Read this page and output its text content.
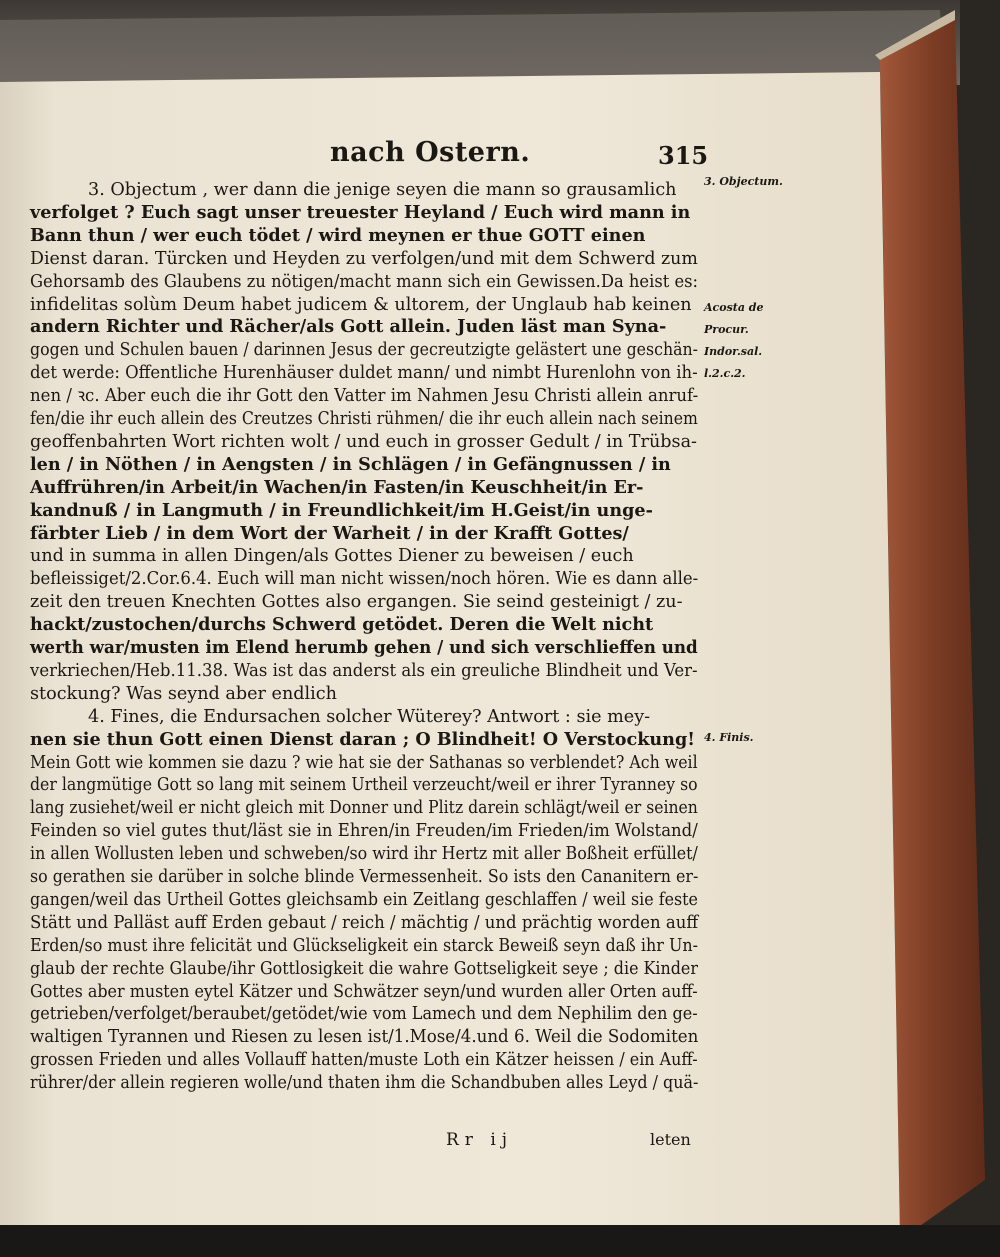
nach Ostern.	315
3. Objectum , wer dann die jenige seyen die mann so grausamlich
verfolget ? Euch sagt unser treuester Heyland / Euch wird mann in
Bann thun / wer euch tödet / wird meynen er thue GOTT einen
Dienst daran. Türcken und Heyden zu verfolgen/und mit dem Schwerd zum
Gehorsamb des Glaubens zu nötigen/macht mann sich ein Gewissen.Da heist es:
infidelitas solùm Deum habet judicem & ultorem, der Unglaub hab keinen
andern Richter und Rächer/als Gott allein. Juden läst man Syna-
gogen und Schulen bauen / darinnen Jesus der gecreutzigte gelästert une geschän-
det werde: Offentliche Hurenhäuser duldet mann/ und nimbt Hurenlohn von ih-
nen / ꝛc. Aber euch die ihr Gott den Vatter im Nahmen Jesu Christi allein anruf-
fen/die ihr euch allein des Creutzes Christi rühmen/ die ihr euch allein nach seinem
geoffenbahrten Wort richten wolt / und euch in grosser Gedult / in Trübsa-
len / in Nöthen / in Aengsten / in Schlägen / in Gefängnussen / in
Auffrühren/in Arbeit/in Wachen/in Fasten/in Keuschheit/in Er-
kandnuß / in Langmuth / in Freundlichkeit/im H.Geist/in unge-
färbter Lieb / in dem Wort der Warheit / in der Krafft Gottes/
und in summa in allen Dingen/als Gottes Diener zu beweisen / euch
befleissiget/2.Cor.6.4. Euch will man nicht wissen/noch hören. Wie es dann alle-
zeit den treuen Knechten Gottes also ergangen. Sie seind gesteinigt / zu-
hackt/zustochen/durchs Schwerd getödet. Deren die Welt nicht
werth war/musten im Elend herumb gehen / und sich verschlieffen und
verkriechen/Heb.11.38. Was ist das anderst als ein greuliche Blindheit und Ver-
stockung? Was seynd aber endlich
4. Fines, die Endursachen solcher Wüterey? Antwort : sie mey-
nen sie thun Gott einen Dienst daran ; O Blindheit! O Verstockung!
Mein Gott wie kommen sie dazu ? wie hat sie der Sathanas so verblendet? Ach weil
der langmütige Gott so lang mit seinem Urtheil verzeucht/weil er ihrer Tyranney so
lang zusiehet/weil er nicht gleich mit Donner und Plitz darein schlägt/weil er seinen
Feinden so viel gutes thut/läst sie in Ehren/in Freuden/im Frieden/im Wolstand/
in allen Wollusten leben und schweben/so wird ihr Hertz mit aller Boßheit erfüllet/
so gerathen sie darüber in solche blinde Vermessenheit. So ists den Cananitern er-
gangen/weil das Urtheil Gottes gleichsamb ein Zeitlang geschlaffen / weil sie feste
Stätt und Palläst auff Erden gebaut / reich / mächtig / und prächtig worden auff
Erden/so must ihre felicität und Glückseligkeit ein starck Beweiß seyn daß ihr Un-
glaub der rechte Glaube/ihr Gottlosigkeit die wahre Gottseligkeit seye ; die Kinder
Gottes aber musten eytel Kätzer und Schwätzer seyn/und wurden aller Orten auff-
getrieben/verfolget/beraubet/getödet/wie vom Lamech und dem Nephilim den ge-
waltigen Tyrannen und Riesen zu lesen ist/1.Mose/4.und 6. Weil die Sodomiten
grossen Frieden und alles Vollauff hatten/muste Loth ein Kätzer heissen / ein Auff-
rührer/der allein regieren wolle/und thaten ihm die Schandbuben alles Leyd / quä-
3. Objectum.
Acosta de
Procur.
Indor.sal.
l.2.c.2.
4. Finis.
Rr ij	leten
